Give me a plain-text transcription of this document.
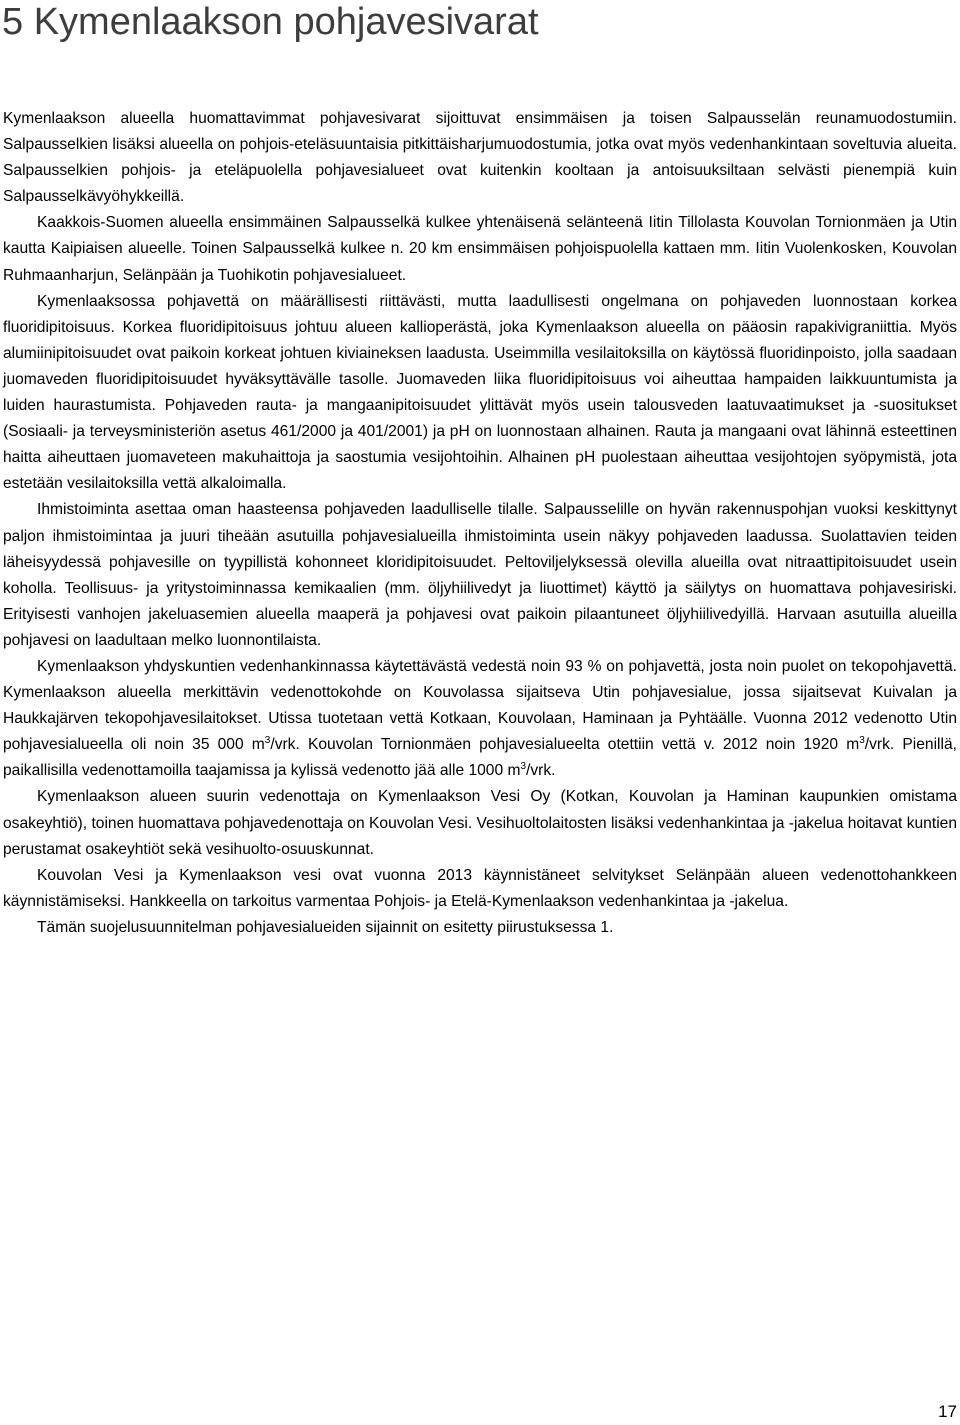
5 Kymenlaakson pohjavesivarat

Kymenlaakson alueella huomattavimmat pohjavesivarat sijoittuvat ensimmäisen ja toisen Salpausselän reunamuodostumiin. Salpausselkien lisäksi alueella on pohjois-eteläsuuntaisia pitkittäisharjumuodostumia, jotka ovat myös vedenhankintaan soveltuvia alueita. Salpausselkien pohjois- ja eteläpuolella pohjavesialueet ovat kuitenkin kooltaan ja antoisuuksiltaan selvästi pienempiä kuin Salpausselkävyöhykkeillä.

Kaakkois-Suomen alueella ensimmäinen Salpausselkä kulkee yhtenäisenä selänteenä Iitin Tillolasta Kouvolan Tornionmäen ja Utin kautta Kaipiaisen alueelle. Toinen Salpausselkä kulkee n. 20 km ensimmäisen pohjoispuolella kattaen mm. Iitin Vuolenkosken, Kouvolan Ruhmaanharjun, Selänpään ja Tuohikotin pohjavesialueet.

Kymenlaaksossa pohjavettä on määrällisesti riittävästi, mutta laadullisesti ongelmana on pohjaveden luonnostaan korkea fluoridipitoisuus. Korkea fluoridipitoisuus johtuu alueen kallioperästä, joka Kymenlaakson alueella on pääosin rapakivigraniittia. Myös alumiinipitoisuudet ovat paikoin korkeat johtuen kiviaineksen laadusta. Useimmilla vesilaitoksilla on käytössä fluoridinpoisto, jolla saadaan juomaveden fluoridipitoisuudet hyväksyttävälle tasolle. Juomaveden liika fluoridipitoisuus voi aiheuttaa hampaiden laikkuuntumista ja luiden haurastumista. Pohjaveden rauta- ja mangaanipitoisuudet ylittävät myös usein talousveden laatuvaatimukset ja -suositukset (Sosiaali- ja terveysministeriön asetus 461/2000 ja 401/2001) ja pH on luonnostaan alhainen. Rauta ja mangaani ovat lähinnä esteettinen haitta aiheuttaen juomaveteen makuhaittoja ja saostumia vesijohtoihin. Alhainen pH puolestaan aiheuttaa vesijohtojen syöpymistä, jota estetään vesilaitoksilla vettä alkaloimalla.

Ihmistoiminta asettaa oman haasteensa pohjaveden laadulliselle tilalle. Salpausselille on hyvän rakennuspohjan vuoksi keskittynyt paljon ihmistoimintaa ja juuri tiheään asutuilla pohjavesialueilla ihmistoiminta usein näkyy pohjaveden laadussa. Suolattavien teiden läheisyydessä pohjavesille on tyypillistä kohonneet kloridipitoisuudet. Peltoviljelyksessä olevilla alueilla ovat nitraattipitoisuudet usein koholla. Teollisuus- ja yritystoiminnassa kemikaalien (mm. öljyhiilivedyt ja liuottimet) käyttö ja säilytys on huomattava pohjavesiriski. Erityisesti vanhojen jakeluasemien alueella maaperä ja pohjavesi ovat paikoin pilaantuneet öljyhiilivedyillä. Harvaan asutuilla alueilla pohjavesi on laadultaan melko luonnontilaista.

Kymenlaakson yhdyskuntien vedenhankinnassa käytettävästä vedestä noin 93 % on pohjavettä, josta noin puolet on tekopohjavettä. Kymenlaakson alueella merkittävin vedenottokohde on Kouvolassa sijaitseva Utin pohjavesialue, jossa sijaitsevat Kuivalan ja Haukkajärven tekopohjavesilaitokset. Utissa tuotetaan vettä Kotkaan, Kouvolaan, Haminaan ja Pyhtäälle. Vuonna 2012 vedenotto Utin pohjavesialueella oli noin 35 000 $m^3$/vrk. Kouvolan Tornionmäen pohjavesialueelta otettiin vettä v. 2012 noin 1920 $m^3$/vrk. Pienillä, paikallisilla vedenottamoilla taajamissa ja kylissä vedenotto jää alle 1000 $m^3$/vrk.

Kymenlaakson alueen suurin vedenottaja on Kymenlaakson Vesi Oy (Kotkan, Kouvolan ja Haminan kaupunkien omistama osakeyhtiö), toinen huomattava pohjavedenottaja on Kouvolan Vesi. Vesihuoltolaitosten lisäksi vedenhankintaa ja -jakelua hoitavat kuntien perustamat osakeyhtiöt sekä vesihuolto-osuuskunnat.

Kouvolan Vesi ja Kymenlaakson vesi ovat vuonna 2013 käynnistäneet selvitykset Selänpään alueen vedenottohankkeen käynnistämiseksi. Hankkeella on tarkoitus varmentaa Pohjois- ja Etelä-Kymenlaakson vedenhankintaa ja -jakelua.

Tämän suojelusuunnitelman pohjavesialueiden sijainnit on esitetty piirustuksessa 1.

17
